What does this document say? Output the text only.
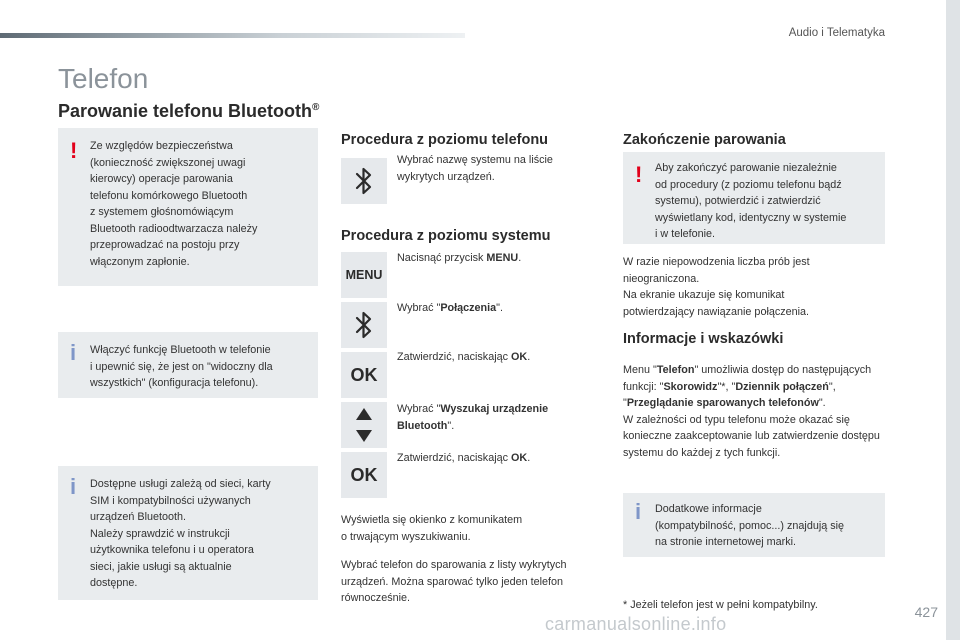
Audio i Telematyka
Telefon
Parowanie telefonu Bluetooth®
! Ze względów bezpieczeństwa
(konieczność zwiększonej uwagi
kierowcy) operacje parowania
telefonu komórkowego Bluetooth
z systemem głośnomówiącym
Bluetooth radioodtwarzacza należy
przeprowadzać na postoju przy
włączonym zapłonie.
i Włączyć funkcję Bluetooth w telefonie
i upewnić się, że jest on "widoczny dla
wszystkich" (konfiguracja telefonu).
i Dostępne usługi zależą od sieci, karty
SIM i kompatybilności używanych
urządzeń Bluetooth.
Należy sprawdzić w instrukcji
użytkownika telefonu i u operatora
sieci, jakie usługi są aktualnie
dostępne.
Procedura z poziomu telefonu
Wybrać nazwę systemu na liście wykrytych urządzeń.
Procedura z poziomu systemu
MENU
Nacisnąć przycisk MENU.
Wybrać "Połączenia".
OK
Zatwierdzić, naciskając OK.
Wybrać "Wyszukaj urządzenie Bluetooth".
OK
Zatwierdzić, naciskając OK.
Wyświetla się okienko z komunikatem
o trwającym wyszukiwaniu.
Wybrać telefon do sparowania z listy wykrytych
urządzeń. Można sparować tylko jeden telefon
równocześnie.
Zakończenie parowania
! Aby zakończyć parowanie niezależnie
od procedury (z poziomu telefonu bądź
systemu), potwierdzić i zatwierdzić
wyświetlany kod, identyczny w systemie
i w telefonie.
W razie niepowodzenia liczba prób jest
nieograniczona.
Na ekranie ukazuje się komunikat
potwierdzający nawiązanie połączenia.
Informacje i wskazówki
Menu "Telefon" umożliwia dostęp do następujących funkcji: "Skorowidz"*, "Dziennik połączeń", "Przeglądanie sparowanych telefonów".
W zależności od typu telefonu może okazać się konieczne zaakceptowanie lub zatwierdzenie dostępu systemu do każdej z tych funkcji.
i Dodatkowe informacje
(kompatybilność, pomoc...) znajdują się
na stronie internetowej marki.
* Jeżeli telefon jest w pełni kompatybilny.	427
carmanualsonline.info
